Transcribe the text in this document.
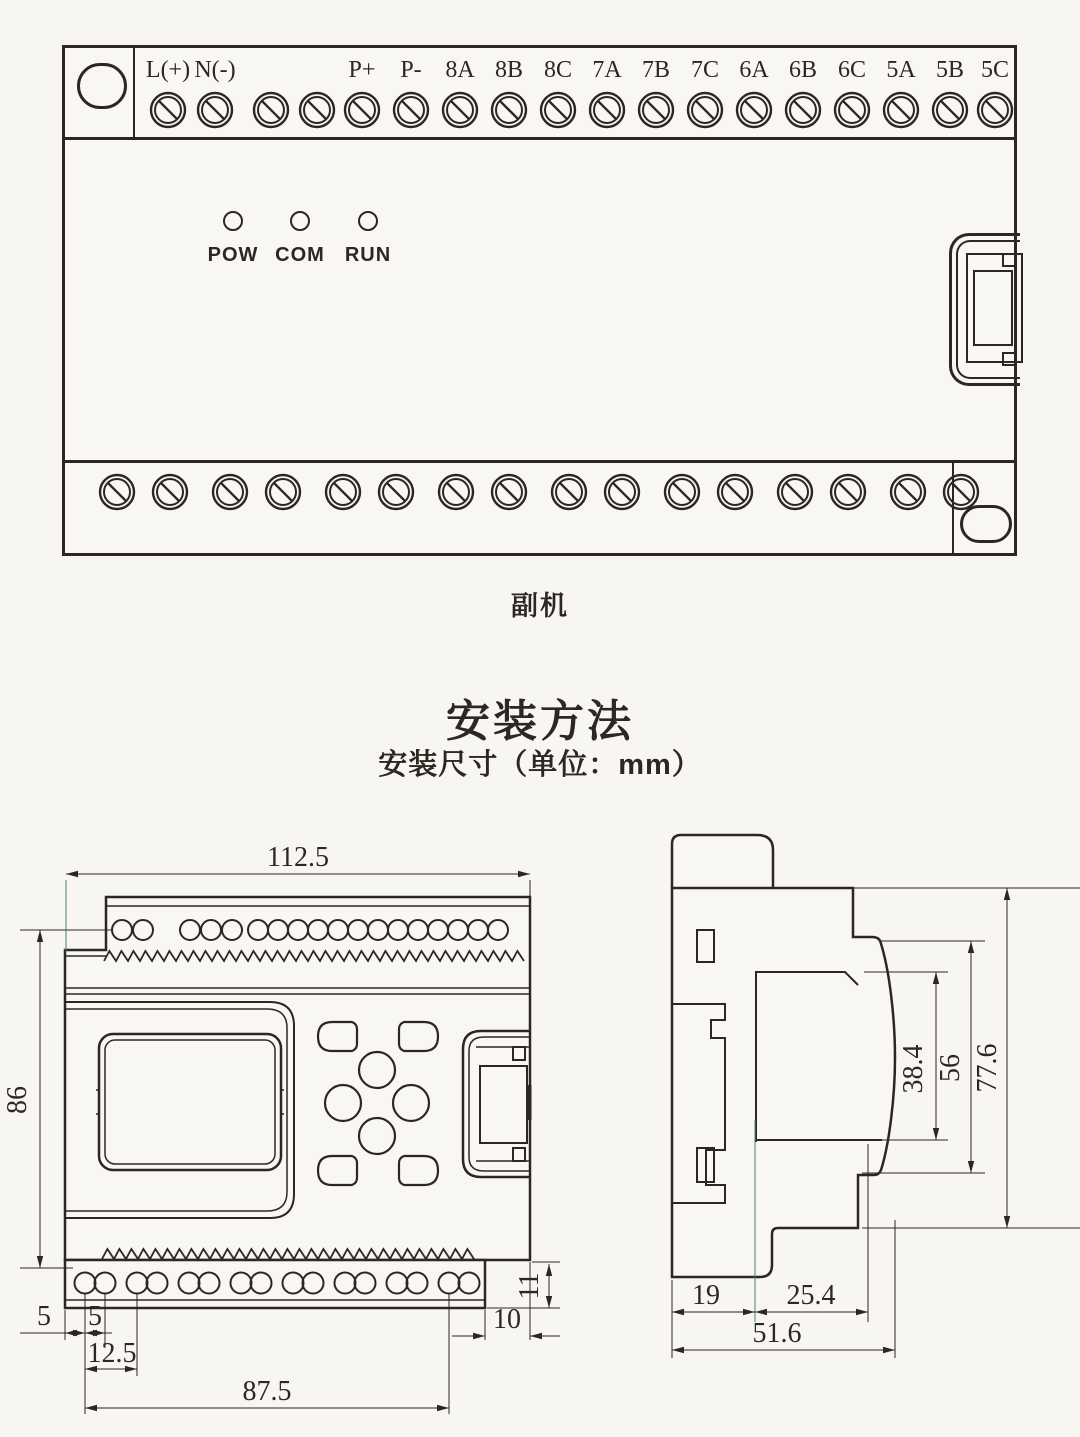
L(+) N(-)	P+	P- 8A 8B 8C 7A 7B 7C 6A 6B 6C 5A 5B 5C
POW COM	RUN
副机
安装方法
安装尺寸（单位：mm）
112.5
86
5 5
12.5
87.5
10
11	19 25.4
51.6
38.4 56 77.6
